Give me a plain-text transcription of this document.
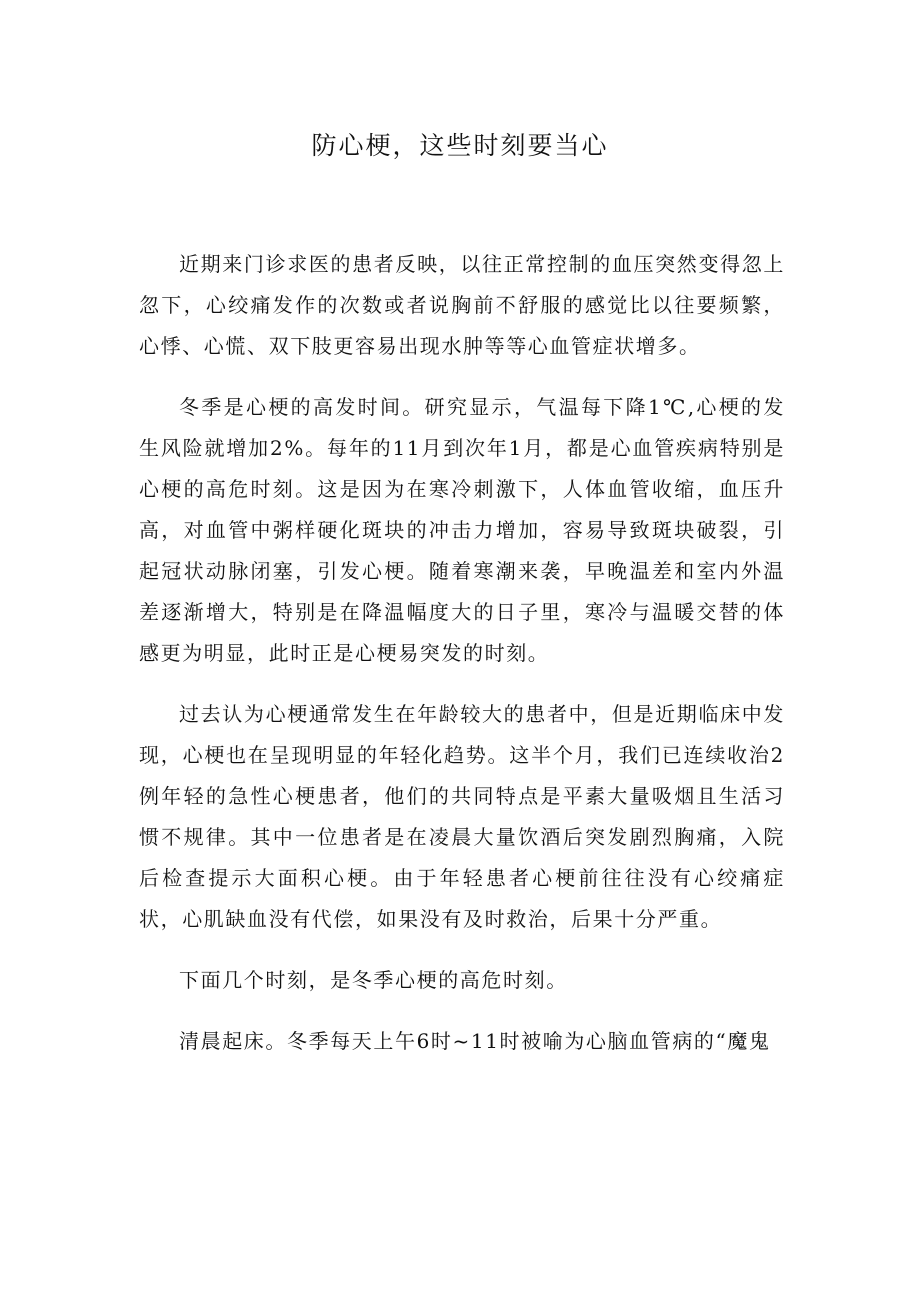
防心梗，这些时刻要当心

近期来门诊求医的患者反映，以往正常控制的血压突然变得忽上忽下，心绞痛发作的次数或者说胸前不舒服的感觉比以往要频繁，心悸、心慌、双下肢更容易出现水肿等等心血管症状增多。

冬季是心梗的高发时间。研究显示，气温每下降1℃,心梗的发生风险就增加2%。每年的11月到次年1月，都是心血管疾病特别是心梗的高危时刻。这是因为在寒冷刺激下，人体血管收缩，血压升高，对血管中粥样硬化斑块的冲击力增加，容易导致斑块破裂，引起冠状动脉闭塞，引发心梗。随着寒潮来袭，早晚温差和室内外温差逐渐增大，特别是在降温幅度大的日子里，寒冷与温暖交替的体感更为明显，此时正是心梗易突发的时刻。

过去认为心梗通常发生在年龄较大的患者中，但是近期临床中发现，心梗也在呈现明显的年轻化趋势。这半个月，我们已连续收治2例年轻的急性心梗患者，他们的共同特点是平素大量吸烟且生活习惯不规律。其中一位患者是在凌晨大量饮酒后突发剧烈胸痛，入院后检查提示大面积心梗。由于年轻患者心梗前往往没有心绞痛症状，心肌缺血没有代偿，如果没有及时救治，后果十分严重。

下面几个时刻，是冬季心梗的高危时刻。

清晨起床。冬季每天上午6时~11时被喻为心脑血管病的“魔鬼
